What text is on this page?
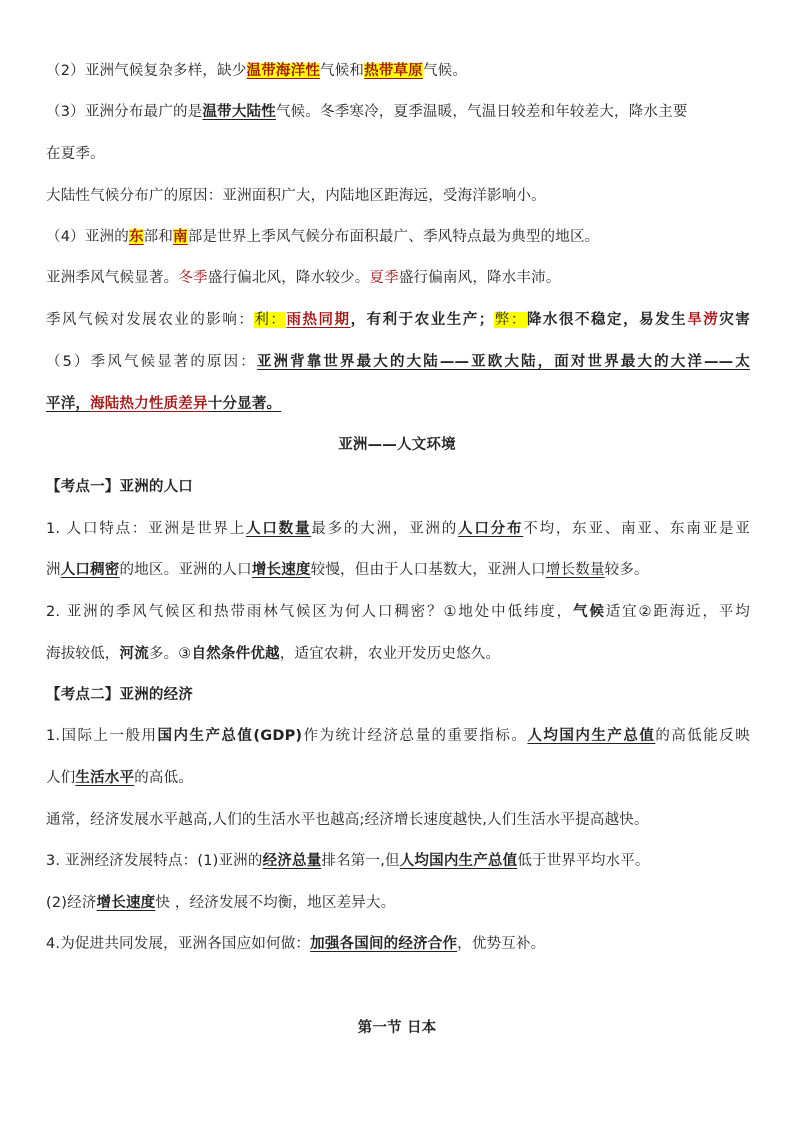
（2）亚洲气候复杂多样，缺少温带海洋性气候和热带草原气候。
（3）亚洲分布最广的是温带大陆性气候。冬季寒冷，夏季温暖，气温日较差和年较差大，降水主要
在夏季。
大陆性气候分布广的原因：亚洲面积广大，内陆地区距海远，受海洋影响小。
（4）亚洲的东部和南部是世界上季风气候分布面积最广、季风特点最为典型的地区。
亚洲季风气候显著。冬季盛行偏北风，降水较少。夏季盛行偏南风，降水丰沛。
季风气候对发展农业的影响：利：雨热同期，有利于农业生产；弊：降水很不稳定，易发生旱涝灾害
（5）季风气候显著的原因：亚洲背靠世界最大的大陆——亚欧大陆，面对世界最大的大洋——太
平洋，海陆热力性质差异十分显著。
亚洲——人文环境
【考点一】亚洲的人口
1. 人口特点：亚洲是世界上人口数量最多的大洲，亚洲的人口分布不均，东亚、南亚、东南亚是亚
洲人口稠密的地区。亚洲的人口增长速度较慢，但由于人口基数大，亚洲人口增长数量较多。
2. 亚洲的季风气候区和热带雨林气候区为何人口稠密？①地处中低纬度，气候适宜②距海近，平均
海拔较低，河流多。③自然条件优越，适宜农耕，农业开发历史悠久。
【考点二】亚洲的经济
1.国际上一般用国内生产总值(GDP)作为统计经济总量的重要指标。人均国内生产总值的高低能反映
人们生活水平的高低。
通常，经济发展水平越高,人们的生活水平也越高;经济增长速度越快,人们生活水平提高越快。
3. 亚洲经济发展特点：(1)亚洲的经济总量排名第一,但人均国内生产总值低于世界平均水平。
(2)经济增长速度快 ，经济发展不均衡，地区差异大。
4.为促进共同发展，亚洲各国应如何做：加强各国间的经济合作，优势互补。
第一节 日本
